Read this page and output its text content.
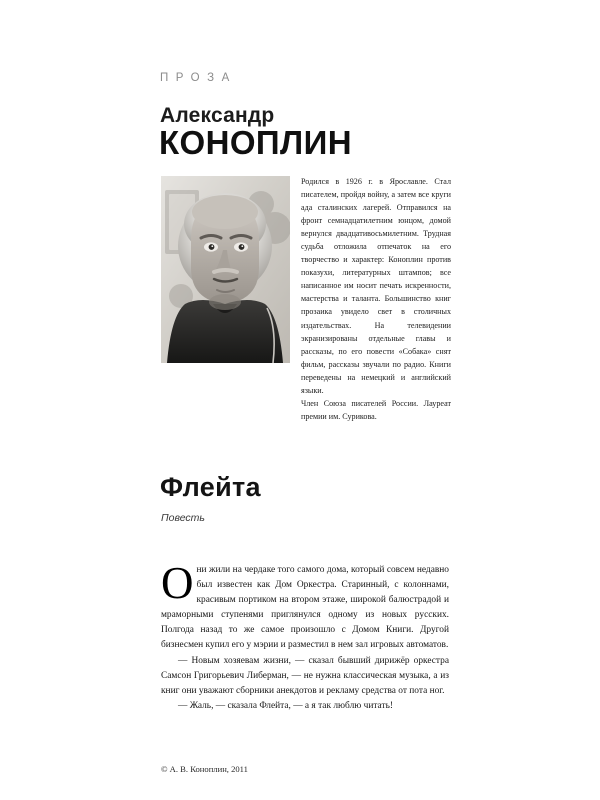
ПРОЗА
Александр
КОНОПЛИН

Родился в 1926 г. в Ярославле. Стал писателем, пройдя войну, а затем все круги ада сталинских лагерей. Отправился на фронт семнадцатилетним юнцом, домой вернулся двадцативосьмилетним. Трудная судьба отложила отпечаток на его творчество и характер: Коноплин против показухи, литературных штампов; все написанное им носит печать искренности, мастерства и таланта. Большинство книг прозаика увидело свет в столичных издательствах. На телевидении экранизированы отдельные главы и рассказы, по его повести «Собака» снят фильм, рассказы звучали по радио. Книги переведены на немецкий и английский языки.

Член Союза писателей России. Лауреат премии им. Сурикова.

Флейта
Повесть

Они жили на чердаке того самого дома, который совсем недавно был известен как Дом Оркестра. Старинный, с колоннами, красивым портиком на втором этаже, широкой балюстрадой и мраморными ступенями приглянулся одному из новых русских. Полгода назад то же самое произошло с Домом Книги. Другой бизнесмен купил его у мэрии и разместил в нем зал игровых автоматов.

— Новым хозяевам жизни, — сказал бывший дирижёр оркестра Самсон Григорьевич Либерман, — не нужна классическая музыка, а из книг они уважают сборники анекдотов и рекламу средства от пота ног.

— Жаль, — сказала Флейта, — а я так люблю читать!

© А. В. Коноплин, 2011
